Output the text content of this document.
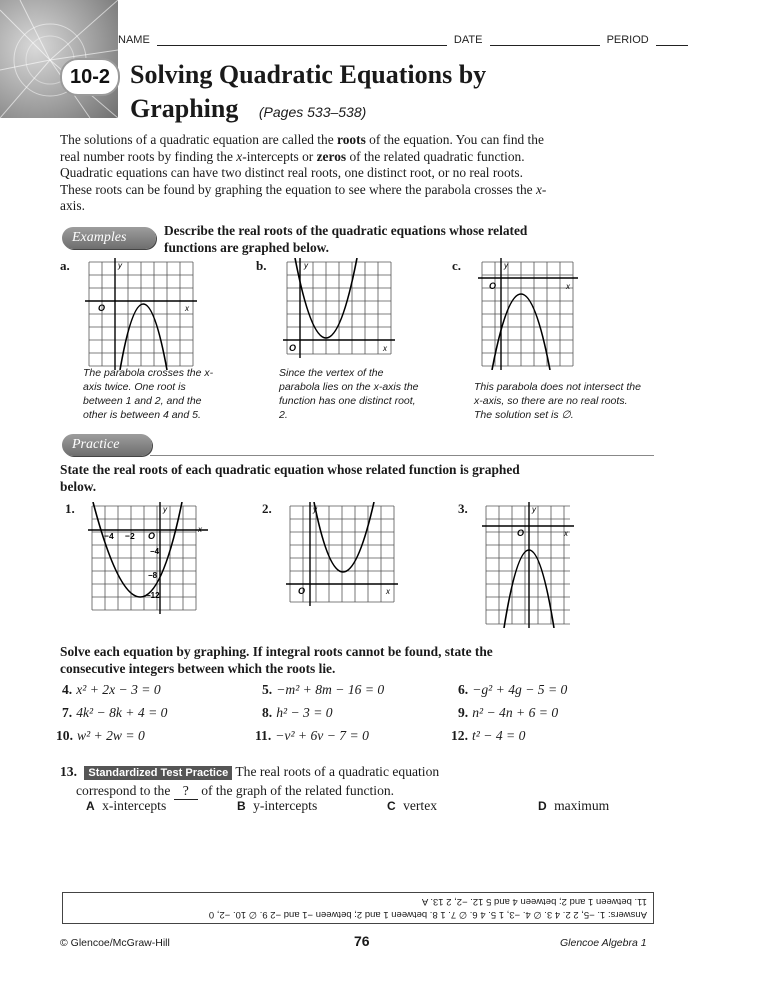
NAME	DATE	PERIOD
10-2 Solving Quadratic Equations by
Graphing (Pages 533–538)
The solutions of a quadratic equation are called the roots of the equation. You can find the real number roots by finding the x-intercepts or zeros of the related quadratic function. Quadratic equations can have two distinct real roots, one distinct root, or no real roots. These roots can be found by graphing the equation to see where the parabola crosses the x-axis.
Examples	Describe the real roots of the quadratic equations whose related functions are graphed below.
a.	b.	c.
O	x
y
O	x
y
O	x
y
The parabola crosses the x-axis twice. One root is between 1 and 2, and the other is between 4 and 5.
Since the vertex of the parabola lies on the x-axis the function has one distinct root, 2.
This parabola does not intersect the x-axis, so there are no real roots. The solution set is ∅.
Practice
State the real roots of each quadratic equation whose related function is graphed below.
1.	2.	3.
−4 −2 O
x
y
−4
−8
−12	O	x
y
O	x
y
Solve each equation by graphing. If integral roots cannot be found, state the consecutive integers between which the roots lie.
4. x² + 2x − 3 = 0	5. −m² + 8m − 16 = 0	6. −g² + 4g − 5 = 0
7. 4k² − 8k + 4 = 0	8. h² − 3 = 0	9. n² − 4n + 6 = 0
10. w² + 2w = 0	11. −v² + 6v − 7 = 0	12. t² − 4 = 0
13. Standardized Test Practice The real roots of a quadratic equation
correspond to the ? of the graph of the related function.
A x-intercepts	B y-intercepts	C vertex	D maximum
Answers: 1. −5, 2 2. 4 3. ∅ 4. −3, 1 5. 4 6. ∅ 7. 1 8. between 1 and 2; between −1 and −2 9. ∅ 10. −2, 0
11. between 1 and 2; between 4 and 5 12. −2, 2 13. A
© Glencoe/McGraw-Hill	76	Glencoe Algebra 1
